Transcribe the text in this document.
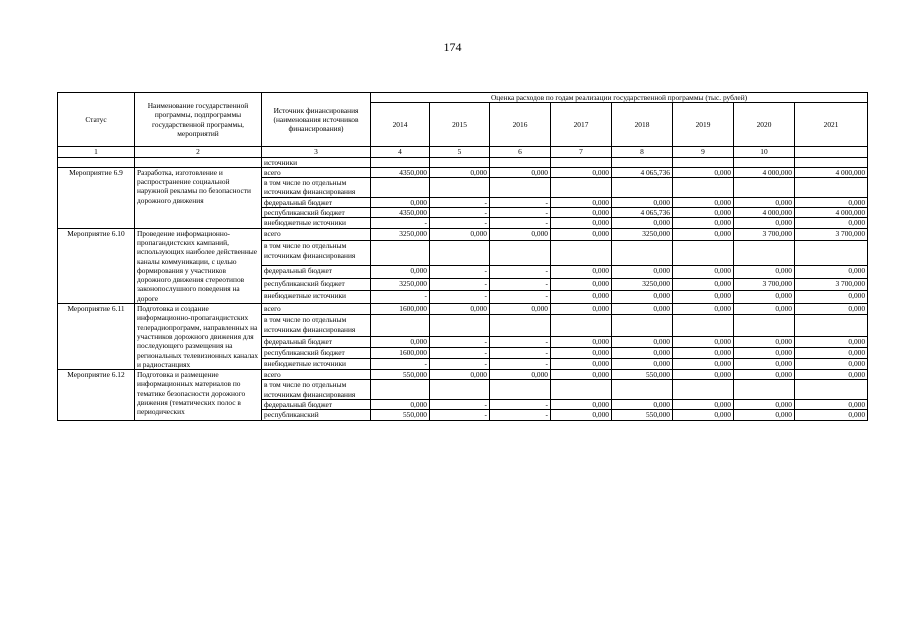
174
Статус	Наименование государственной программы, подпрограммы государственной программы, мероприятий	Источник финансирования (наименования источников финансирования)	Оценка расходов по годам реализации государственной программы (тыс. рублей)							
			2014	2015	2016	2017	2018	2019	2020	2021
1	2	3	4	5	6	7	8	9	10	
		источники								
Мероприятие 6.9	Разработка, изготовление и распространение социальной наружной рекламы по безопасности дорожного движения	всего	4350,000	0,000	0,000	0,000	4 065,736	0,000	4 000,000	4 000,000
		в том числе по отдельным источникам финансирования								
		федеральный бюджет	0,000	-	-	0,000	0,000	0,000	0,000	0,000
		республиканский бюджет	4350,000	-	-	0,000	4 065,736	0,000	4 000,000	4 000,000
		внебюджетные источники	-	-	-	0,000	0,000	0,000	0,000	0,000
Мероприятие 6.10	Проведение информационно-пропагандистских кампаний, использующих наиболее действенные каналы коммуникации, с целью формирования у участников дорожного движения стереотипов законопослушного поведения на дороге	всего	3250,000	0,000	0,000	0,000	3250,000	0,000	3 700,000	3 700,000
		в том числе по отдельным источникам финансирования								
		федеральный бюджет	0,000	-	-	0,000	0,000	0,000	0,000	0,000
		республиканский бюджет	3250,000	-	-	0,000	3250,000	0,000	3 700,000	3 700,000
		внебюджетные источники	-	-	-	0,000	0,000	0,000	0,000	0,000
Мероприятие 6.11	Подготовка и создание информационно-пропагандистских телерадиопрограмм, направленных на участников дорожного движения для последующего размещения на региональных телевизионных каналах и радиостанциях	всего	1600,000	0,000	0,000	0,000	0,000	0,000	0,000	0,000
		в том числе по отдельным источникам финансирования								
		федеральный бюджет	0,000	-	-	0,000	0,000	0,000	0,000	0,000
		республиканский бюджет	1600,000	-	-	0,000	0,000	0,000	0,000	0,000
		внебюджетные источники	-	-	-	0,000	0,000	0,000	0,000	0,000
Мероприятие 6.12	Подготовка и размещение информационных материалов по тематике безопасности дорожного движения (тематических полос в периодических	всего	550,000	0,000	0,000	0,000	550,000	0,000	0,000	0,000
		в том числе по отдельным источникам финансирования								
		федеральный бюджет	0,000	-	-	0,000	0,000	0,000	0,000	0,000
		республиканский	550,000	-	-	0,000	550,000	0,000	0,000	0,000
